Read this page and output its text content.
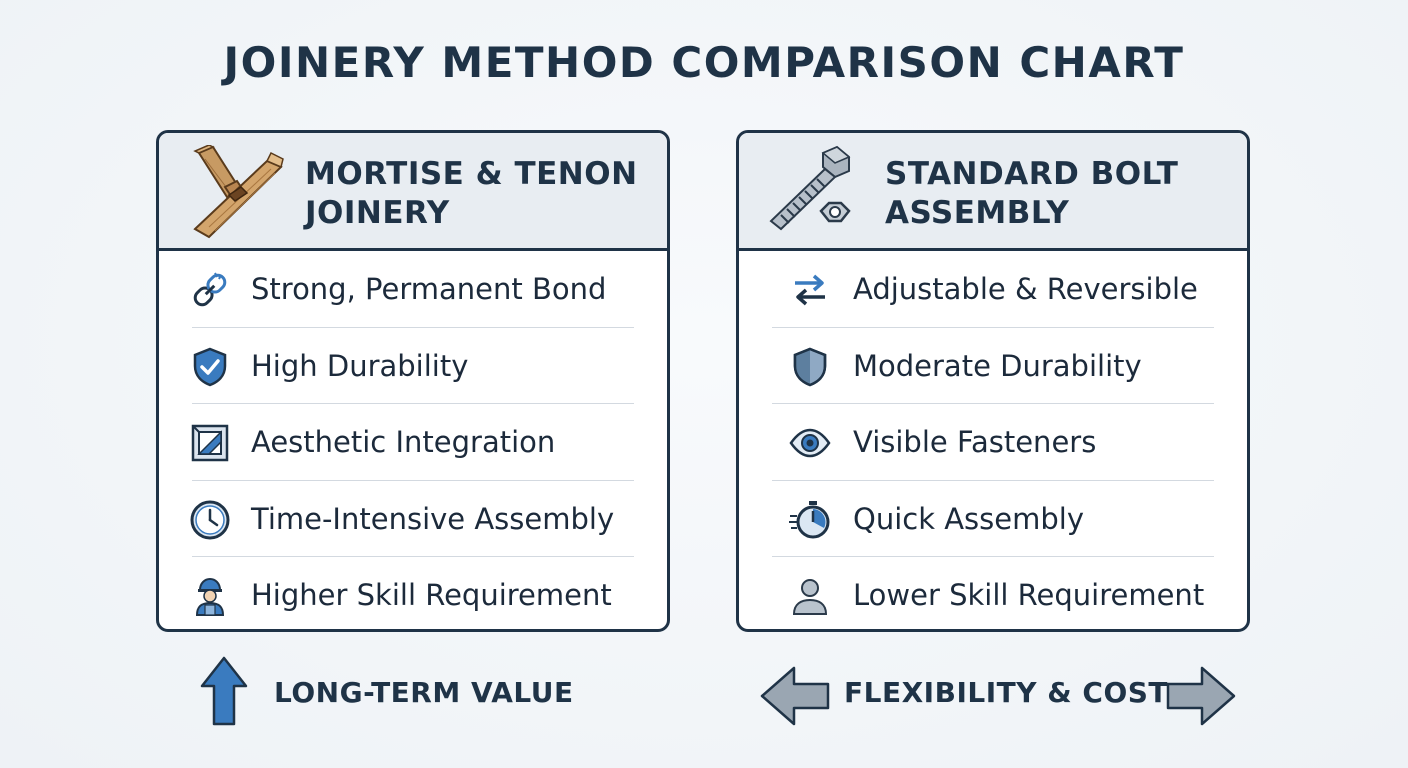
JOINERY METHOD COMPARISON CHART
MORTISE & TENON
JOINERY
Strong, Permanent Bond
High Durability
Aesthetic Integration
Time-Intensive Assembly
Higher Skill Requirement
STANDARD BOLT
ASSEMBLY
Adjustable & Reversible
Moderate Durability
Visible Fasteners
Quick Assembly
Lower Skill Requirement
LONG-TERM VALUE	FLEXIBILITY & COST
